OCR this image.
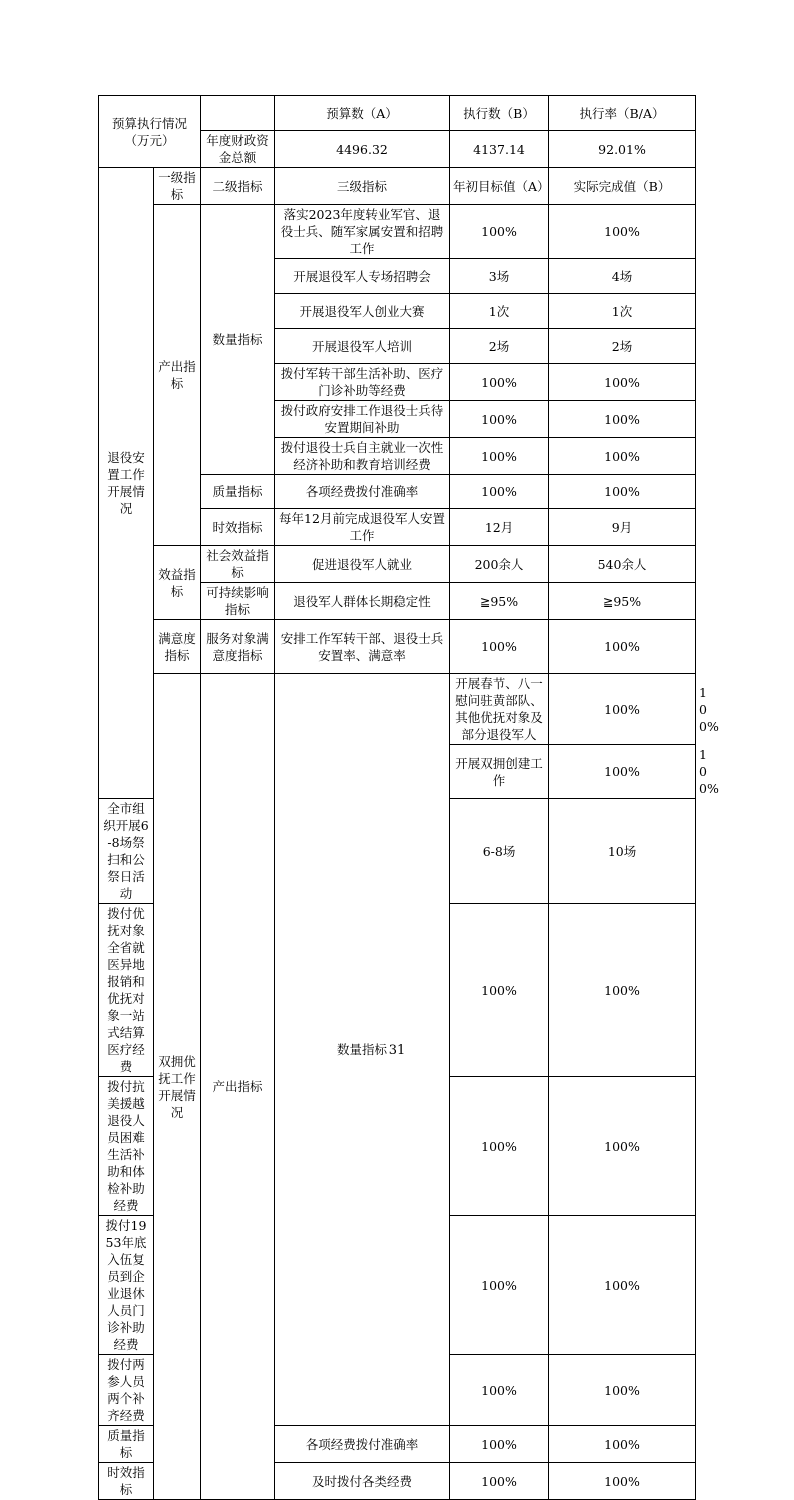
预算执行情况（万元）			预算数（A）	执行数（B）	执行率（B/A）	
		年度财政资金总额	4496.32	4137.14	92.01%	
退役安置工作开展情况	一级指标	二级指标	三级指标	年初目标值（A）	实际完成值（B）	
	产出指标	数量指标	落实2023年度转业军官、退役士兵、随军家属安置和招聘工作	100%	100%	
			开展退役军人专场招聘会	3场	4场	
			开展退役军人创业大赛	1次	1次	
			开展退役军人培训	2场	2场	
			拨付军转干部生活补助、医疗门诊补助等经费	100%	100%	
			拨付政府安排工作退役士兵待安置期间补助	100%	100%	
			拨付退役士兵自主就业一次性经济补助和教育培训经费	100%	100%	
		质量指标	各项经费拨付准确率	100%	100%	
		时效指标	每年12月前完成退役军人安置工作	12月	9月	
	效益指标	社会效益指标	促进退役军人就业	200余人	540余人	
		可持续影响指标	退役军人群体长期稳定性	≧95%	≧95%	
	满意度指标	服务对象满意度指标	安排工作军转干部、退役士兵安置率、满意率	100%	100%	
	双拥优抚工作开展情况	产出指标	数量指标	开展春节、八一慰问驻黄部队、其他优抚对象及部分退役军人	100%	100%
				开展双拥创建工作	100%	100%
全市组织开展6-8场祭扫和公祭日活动				6-8场	10场	
拨付优抚对象全省就医异地报销和优抚对象一站式结算医疗经费				100%	100%	
拨付抗美援越退役人员困难生活补助和体检补助经费				100%	100%	
拨付1953年底入伍复员到企业退休人员门诊补助经费				100%	100%	
拨付两参人员两个补齐经费				100%	100%	
质量指标			各项经费拨付准确率	100%	100%	
时效指标			及时拨付各类经费	100%	100%	
31
